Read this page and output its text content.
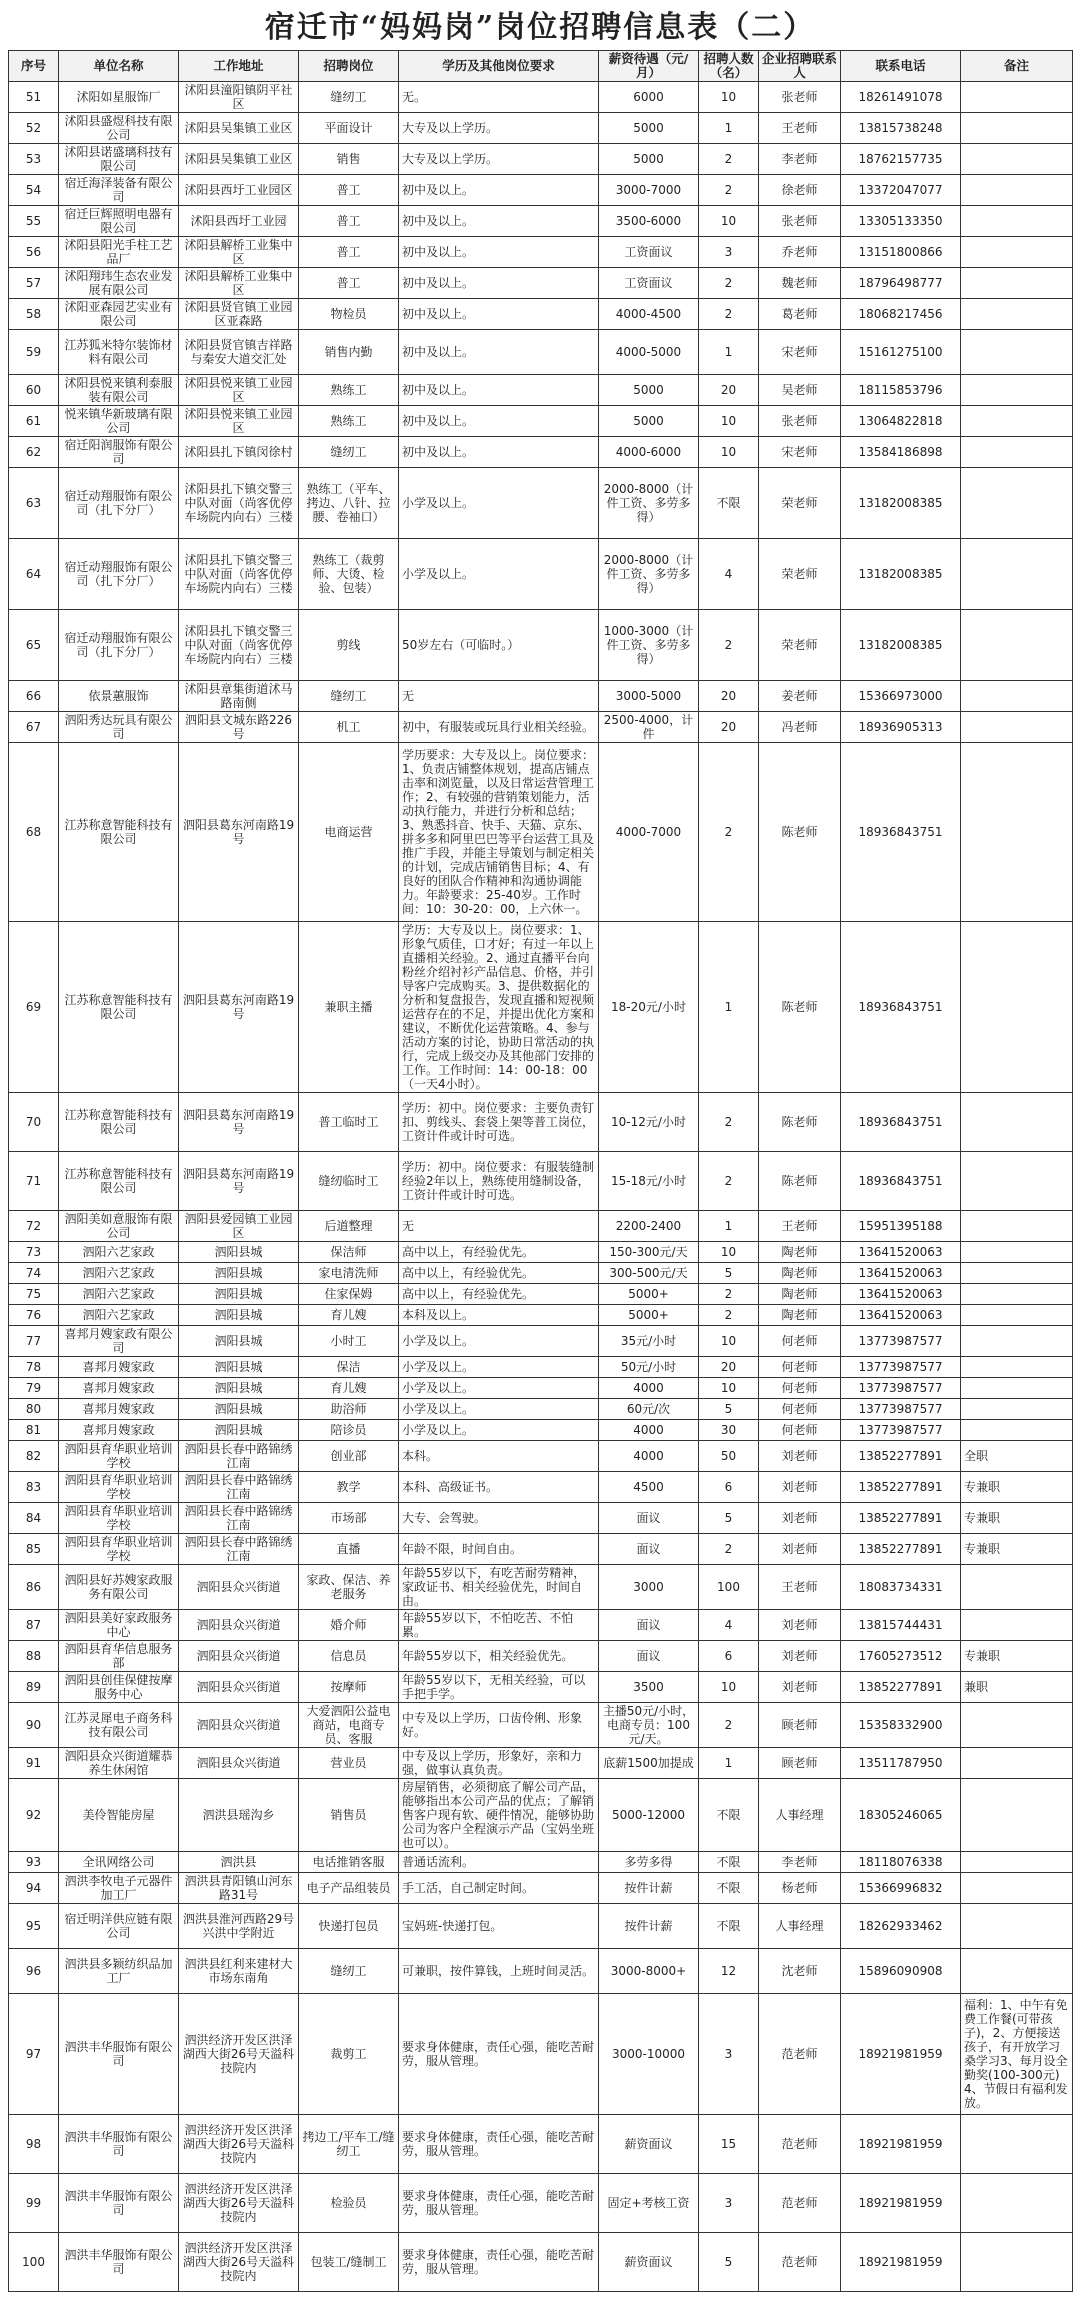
宿迁市“妈妈岗”岗位招聘信息表（二）
序号	单位名称	工作地址	招聘岗位	学历及其他岗位要求	薪资待遇（元/月）	招聘人数（名）	企业招聘联系人	联系电话	备注
51	沭阳如星服饰厂	沭阳县潼阳镇阴平社区	缝纫工	无。	6000	10	张老师	18261491078	
52	沭阳县盛煜科技有限公司	沭阳县吴集镇工业区	平面设计	大专及以上学历。	5000	1	王老师	13815738248	
53	沭阳县诺盛璃科技有限公司	沭阳县吴集镇工业区	销售	大专及以上学历。	5000	2	李老师	18762157735	
54	宿迁海泽装备有限公司	沭阳县西圩工业园区	普工	初中及以上。	3000-7000	2	徐老师	13372047077	
55	宿迁巨辉照明电器有限公司	沭阳县西圩工业园	普工	初中及以上。	3500-6000	10	张老师	13305133350	
56	沭阳县阳光手柱工艺品厂	沭阳县解桥工业集中区	普工	初中及以上。	工资面议	3	乔老师	13151800866	
57	沭阳翔玮生态农业发展有限公司	沭阳县解桥工业集中区	普工	初中及以上。	工资面议	2	魏老师	18796498777	
58	沭阳亚森园艺实业有限公司	沭阳县贤官镇工业园区亚森路	物检员	初中及以上。	4000-4500	2	葛老师	18068217456	
59	江苏狐米特尔装饰材料有限公司	沭阳县贤官镇吉祥路与秦安大道交汇处	销售内勤	初中及以上。	4000-5000	1	宋老师	15161275100	
60	沭阳县悦来镇利泰服装有限公司	沭阳县悦来镇工业园区	熟练工	初中及以上。	5000	20	吴老师	18115853796	
61	悦来镇华新玻璃有限公司	沭阳县悦来镇工业园区	熟练工	初中及以上。	5000	10	张老师	13064822818	
62	宿迁阳润服饰有限公司	沭阳县扎下镇闵徐村	缝纫工	初中及以上。	4000-6000	10	宋老师	13584186898	
63	宿迁动翔服饰有限公司（扎下分厂）	沭阳县扎下镇交警三中队对面（尚客优停车场院内向右）三楼	熟练工（平车、拷边、八针、拉腰、卷袖口）	小学及以上。	2000-8000（计件工资、多劳多得）	不限	荣老师	13182008385	
64	宿迁动翔服饰有限公司（扎下分厂）	沭阳县扎下镇交警三中队对面（尚客优停车场院内向右）三楼	熟练工（裁剪师、大烫、检验、包装）	小学及以上。	2000-8000（计件工资、多劳多得）	4	荣老师	13182008385	
65	宿迁动翔服饰有限公司（扎下分厂）	沭阳县扎下镇交警三中队对面（尚客优停车场院内向右）三楼	剪线	50岁左右（可临时。）	1000-3000（计件工资、多劳多得）	2	荣老师	13182008385	
66	依景蕙服饰	沭阳县章集街道沭马路南侧	缝纫工	无	3000-5000	20	姜老师	15366973000	
67	泗阳秀达玩具有限公司	泗阳县文城东路226号	机工	初中，有服装或玩具行业相关经验。	2500-4000，计件	20	冯老师	18936905313	
68	江苏称意智能科技有限公司	泗阳县葛东河南路19号	电商运营	学历要求：大专及以上。岗位要求：1、负责店铺整体规划，提高店铺点击率和浏览量，以及日常运营管理工作；2、有较强的营销策划能力，活动执行能力，并进行分析和总结；3、熟悉抖音、快手、天猫、京东、拼多多和阿里巴巴等平台运营工具及推广手段，并能主导策划与制定相关的计划，完成店铺销售目标；4、有良好的团队合作精神和沟通协调能力。年龄要求：25-40岁。工作时间：10：30-20：00，上六休一。	4000-7000	2	陈老师	18936843751	
69	江苏称意智能科技有限公司	泗阳县葛东河南路19号	兼职主播	学历：大专及以上。岗位要求：1、形象气质佳，口才好；有过一年以上直播相关经验。2、通过直播平台向粉丝介绍衬衫产品信息、价格，并引导客户完成购买。3、提供数据化的分析和复盘报告，发现直播和短视频运营存在的不足，并提出优化方案和建议，不断优化运营策略。4、参与活动方案的讨论，协助日常活动的执行，完成上级交办及其他部门安排的工作。工作时间：14：00-18：00（一天4小时）。	18-20元/小时	1	陈老师	18936843751	
70	江苏称意智能科技有限公司	泗阳县葛东河南路19号	普工临时工	学历：初中。岗位要求：主要负责钉扣、剪线头、套袋上架等普工岗位，工资计件或计时可选。	10-12元/小时	2	陈老师	18936843751	
71	江苏称意智能科技有限公司	泗阳县葛东河南路19号	缝纫临时工	学历：初中。岗位要求：有服装缝制经验2年以上，熟练使用缝制设备，工资计件或计时可选。	15-18元/小时	2	陈老师	18936843751	
72	泗阳美如意服饰有限公司	泗阳县爱园镇工业园区	后道整理	无	2200-2400	1	王老师	15951395188	
73	泗阳六艺家政	泗阳县城	保洁师	高中以上，有经验优先。	150-300元/天	10	陶老师	13641520063	
74	泗阳六艺家政	泗阳县城	家电清洗师	高中以上，有经验优先。	300-500元/天	5	陶老师	13641520063	
75	泗阳六艺家政	泗阳县城	住家保姆	高中以上，有经验优先。	5000+	2	陶老师	13641520063	
76	泗阳六艺家政	泗阳县城	育儿嫂	本科及以上。	5000+	2	陶老师	13641520063	
77	喜邦月嫂家政有限公司	泗阳县城	小时工	小学及以上。	35元/小时	10	何老师	13773987577	
78	喜邦月嫂家政	泗阳县城	保洁	小学及以上。	50元/小时	20	何老师	13773987577	
79	喜邦月嫂家政	泗阳县城	育儿嫂	小学及以上。	4000	10	何老师	13773987577	
80	喜邦月嫂家政	泗阳县城	助浴师	小学及以上。	60元/次	5	何老师	13773987577	
81	喜邦月嫂家政	泗阳县城	陪诊员	小学及以上。	4000	30	何老师	13773987577	
82	泗阳县育华职业培训学校	泗阳县长春中路锦绣江南	创业部	本科。	4000	50	刘老师	13852277891	全职
83	泗阳县育华职业培训学校	泗阳县长春中路锦绣江南	教学	本科、高级证书。	4500	6	刘老师	13852277891	专兼职
84	泗阳县育华职业培训学校	泗阳县长春中路锦绣江南	市场部	大专、会驾驶。	面议	5	刘老师	13852277891	专兼职
85	泗阳县育华职业培训学校	泗阳县长春中路锦绣江南	直播	年龄不限，时间自由。	面议	2	刘老师	13852277891	专兼职
86	泗阳县好苏嫂家政服务有限公司	泗阳县众兴街道	家政、保洁、养老服务	年龄55岁以下，有吃苦耐劳精神，家政证书、相关经验优先，时间自由。	3000	100	王老师	18083734331	
87	泗阳县美好家政服务中心	泗阳县众兴街道	婚介师	年龄55岁以下，不怕吃苦、不怕累。	面议	4	刘老师	13815744431	
88	泗阳县育华信息服务部	泗阳县众兴街道	信息员	年龄55岁以下，相关经验优先。	面议	6	刘老师	17605273512	专兼职
89	泗阳县创佳保健按摩服务中心	泗阳县众兴街道	按摩师	年龄55岁以下，无相关经验，可以手把手学。	3500	10	刘老师	13852277891	兼职
90	江苏灵犀电子商务科技有限公司	泗阳县众兴街道	大爱泗阳公益电商站，电商专员、客服	中专及以上学历，口齿伶俐、形象好。	主播50元/小时，电商专员：100元/天。	2	顾老师	15358332900	
91	泗阳县众兴街道耀恭养生休闲馆	泗阳县众兴街道	营业员	中专及以上学历，形象好，亲和力强，做事认真负责。	底薪1500加提成	1	顾老师	13511787950	
92	美伶智能房屋	泗洪县瑶沟乡	销售员	房屋销售，必须彻底了解公司产品，能够指出本公司产品的优点；了解销售客户现有软、硬件情况，能够协助公司为客户全程演示产品（宝妈坐班也可以）。	5000-12000	不限	人事经理	18305246065	
93	全讯网络公司	泗洪县	电话推销客服	普通话流利。	多劳多得	不限	李老师	18118076338	
94	泗洪李牧电子元器件加工厂	泗洪县青阳镇山河东路31号	电子产品组装员	手工活，自己制定时间。	按件计薪	不限	杨老师	15366996832	
95	宿迁明洋供应链有限公司	泗洪县淮河西路29号兴洪中学附近	快递打包员	宝妈班-快递打包。	按件计薪	不限	人事经理	18262933462	
96	泗洪县多颖纺织品加工厂	泗洪县红利来建材大市场东南角	缝纫工	可兼职，按件算钱，上班时间灵活。	3000-8000+	12	沈老师	15896090908	
97	泗洪丰华服饰有限公司	泗洪经济开发区洪泽湖西大街26号天溢科技院内	裁剪工	要求身体健康，责任心强，能吃苦耐劳，服从管理。	3000-10000	3	范老师	18921981959	福利：1、中午有免费工作餐(可带孩子)，2、方便接送孩子，有开放学习桑学习3、每月设全勤奖(100-300元)4、节假日有福利发放。
98	泗洪丰华服饰有限公司	泗洪经济开发区洪泽湖西大街26号天溢科技院内	拷边工/平车工/缝纫工	要求身体健康，责任心强，能吃苦耐劳，服从管理。	薪资面议	15	范老师	18921981959	
99	泗洪丰华服饰有限公司	泗洪经济开发区洪泽湖西大街26号天溢科技院内	检验员	要求身体健康，责任心强，能吃苦耐劳，服从管理。	固定+考核工资	3	范老师	18921981959	
100	泗洪丰华服饰有限公司	泗洪经济开发区洪泽湖西大街26号天溢科技院内	包装工/缝制工	要求身体健康，责任心强，能吃苦耐劳，服从管理。	薪资面议	5	范老师	18921981959	
